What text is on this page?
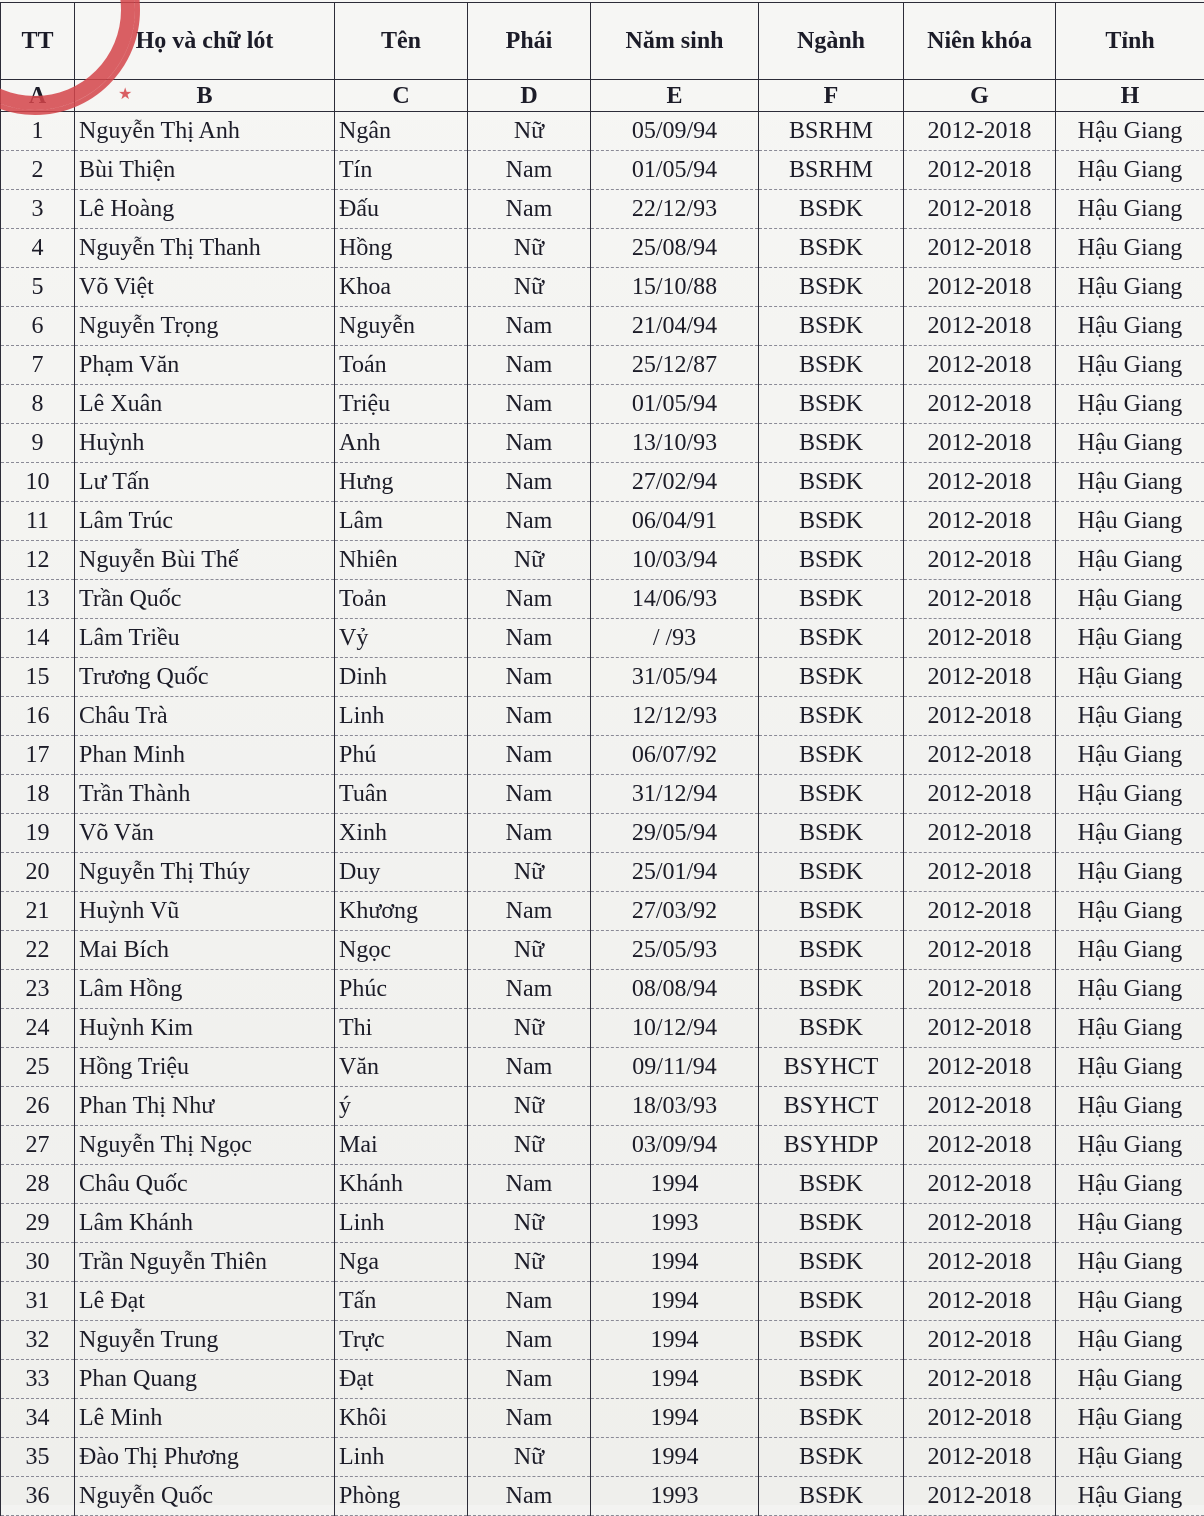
★
TT	Họ và chữ lót	Tên	Phái	Năm sinh	Ngành	Niên khóa	Tỉnh
A	B	C	D	E	F	G	H
1	Nguyễn Thị Anh	Ngân	Nữ	05/09/94	BSRHM	2012-2018	Hậu Giang
2	Bùi Thiện	Tín	Nam	01/05/94	BSRHM	2012-2018	Hậu Giang
3	Lê Hoàng	Đấu	Nam	22/12/93	BSĐK	2012-2018	Hậu Giang
4	Nguyễn Thị Thanh	Hồng	Nữ	25/08/94	BSĐK	2012-2018	Hậu Giang
5	Võ Việt	Khoa	Nữ	15/10/88	BSĐK	2012-2018	Hậu Giang
6	Nguyễn Trọng	Nguyễn	Nam	21/04/94	BSĐK	2012-2018	Hậu Giang
7	Phạm Văn	Toán	Nam	25/12/87	BSĐK	2012-2018	Hậu Giang
8	Lê Xuân	Triệu	Nam	01/05/94	BSĐK	2012-2018	Hậu Giang
9	Huỳnh	Anh	Nam	13/10/93	BSĐK	2012-2018	Hậu Giang
10	Lư Tấn	Hưng	Nam	27/02/94	BSĐK	2012-2018	Hậu Giang
11	Lâm Trúc	Lâm	Nam	06/04/91	BSĐK	2012-2018	Hậu Giang
12	Nguyễn Bùi Thế	Nhiên	Nữ	10/03/94	BSĐK	2012-2018	Hậu Giang
13	Trần Quốc	Toản	Nam	14/06/93	BSĐK	2012-2018	Hậu Giang
14	Lâm Triều	Vỷ	Nam	/ /93	BSĐK	2012-2018	Hậu Giang
15	Trương Quốc	Dinh	Nam	31/05/94	BSĐK	2012-2018	Hậu Giang
16	Châu Trà	Linh	Nam	12/12/93	BSĐK	2012-2018	Hậu Giang
17	Phan Minh	Phú	Nam	06/07/92	BSĐK	2012-2018	Hậu Giang
18	Trần Thành	Tuân	Nam	31/12/94	BSĐK	2012-2018	Hậu Giang
19	Võ Văn	Xinh	Nam	29/05/94	BSĐK	2012-2018	Hậu Giang
20	Nguyễn Thị Thúy	Duy	Nữ	25/01/94	BSĐK	2012-2018	Hậu Giang
21	Huỳnh Vũ	Khương	Nam	27/03/92	BSĐK	2012-2018	Hậu Giang
22	Mai Bích	Ngọc	Nữ	25/05/93	BSĐK	2012-2018	Hậu Giang
23	Lâm Hồng	Phúc	Nam	08/08/94	BSĐK	2012-2018	Hậu Giang
24	Huỳnh Kim	Thi	Nữ	10/12/94	BSĐK	2012-2018	Hậu Giang
25	Hồng Triệu	Văn	Nam	09/11/94	BSYHCT	2012-2018	Hậu Giang
26	Phan Thị Như	ý	Nữ	18/03/93	BSYHCT	2012-2018	Hậu Giang
27	Nguyễn Thị Ngọc	Mai	Nữ	03/09/94	BSYHDP	2012-2018	Hậu Giang
28	Châu Quốc	Khánh	Nam	1994	BSĐK	2012-2018	Hậu Giang
29	Lâm Khánh	Linh	Nữ	1993	BSĐK	2012-2018	Hậu Giang
30	Trần Nguyễn Thiên	Nga	Nữ	1994	BSĐK	2012-2018	Hậu Giang
31	Lê Đạt	Tấn	Nam	1994	BSĐK	2012-2018	Hậu Giang
32	Nguyễn Trung	Trực	Nam	1994	BSĐK	2012-2018	Hậu Giang
33	Phan Quang	Đạt	Nam	1994	BSĐK	2012-2018	Hậu Giang
34	Lê Minh	Khôi	Nam	1994	BSĐK	2012-2018	Hậu Giang
35	Đào Thị Phương	Linh	Nữ	1994	BSĐK	2012-2018	Hậu Giang
36	Nguyễn Quốc	Phòng	Nam	1993	BSĐK	2012-2018	Hậu Giang
